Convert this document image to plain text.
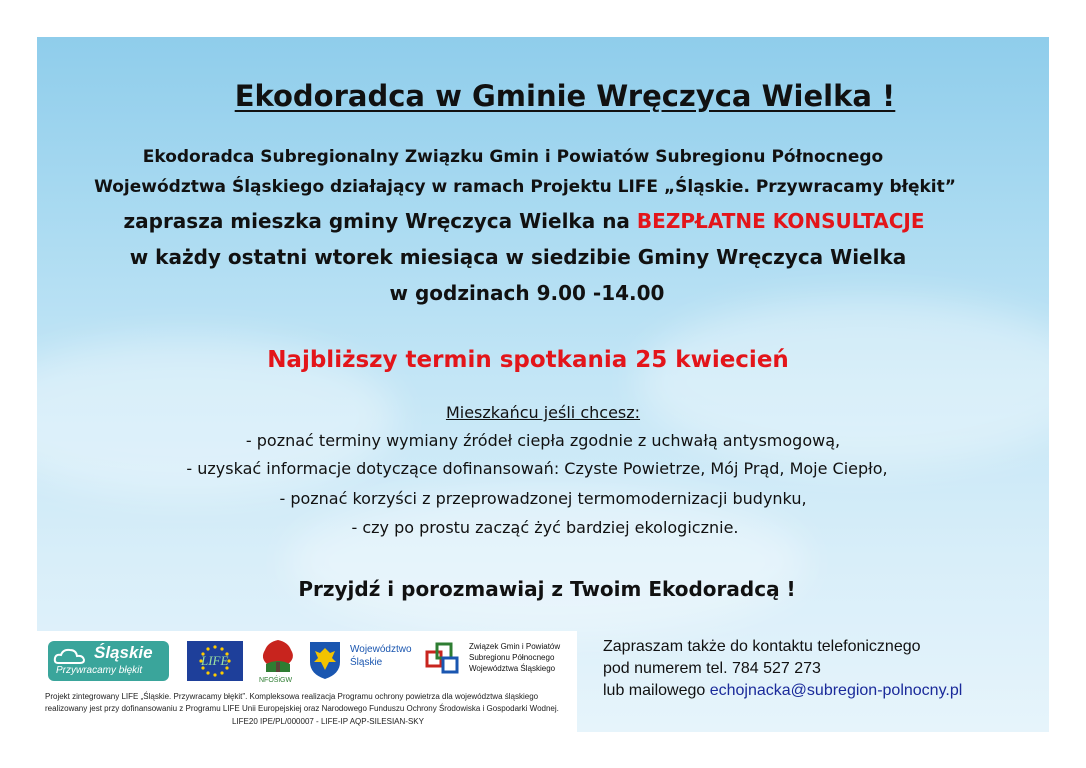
Ekodoradca w Gminie Wręczyca Wielka !
Ekodoradca Subregionalny Związku Gmin i Powiatów Subregionu Północnego
Województwa Śląskiego działający w ramach Projektu LIFE „Śląskie. Przywracamy błękit”
zaprasza mieszka gminy Wręczyca Wielka na BEZPŁATNE KONSULTACJE
w każdy ostatni wtorek miesiąca w siedzibie Gminy Wręczyca Wielka
w godzinach 9.00 -14.00
Najbliższy termin spotkania 25 kwiecień
Mieszkańcu jeśli chcesz:
- poznać terminy wymiany źródeł ciepła zgodnie z uchwałą antysmogową,
- uzyskać informacje dotyczące dofinansowań: Czyste Powietrze, Mój Prąd, Moje Ciepło,
- poznać korzyści z przeprowadzonej termomodernizacji budynku,
- czy po prostu zacząć żyć bardziej ekologicznie.
Przyjdź i porozmawiaj z Twoim Ekodoradcą !
Śląskie
Przywracamy błękit
LIFE
NFOŚiGW
Województwo
Śląskie
Związek Gmin i Powiatów
Subregionu Północnego
Województwa Śląskiego
Projekt zintegrowany LIFE „Śląskie. Przywracamy błękit”. Kompleksowa realizacja Programu ochrony powietrza dla województwa śląskiego
realizowany jest przy dofinansowaniu z Programu LIFE Unii Europejskiej oraz Narodowego Funduszu Ochrony Środowiska i Gospodarki Wodnej.
LIFE20 IPE/PL/000007 - LIFE-IP AQP-SILESIAN-SKY
Zapraszam także do kontaktu telefonicznego
pod numerem tel. 784 527 273
lub mailowego echojnacka@subregion-polnocny.pl
